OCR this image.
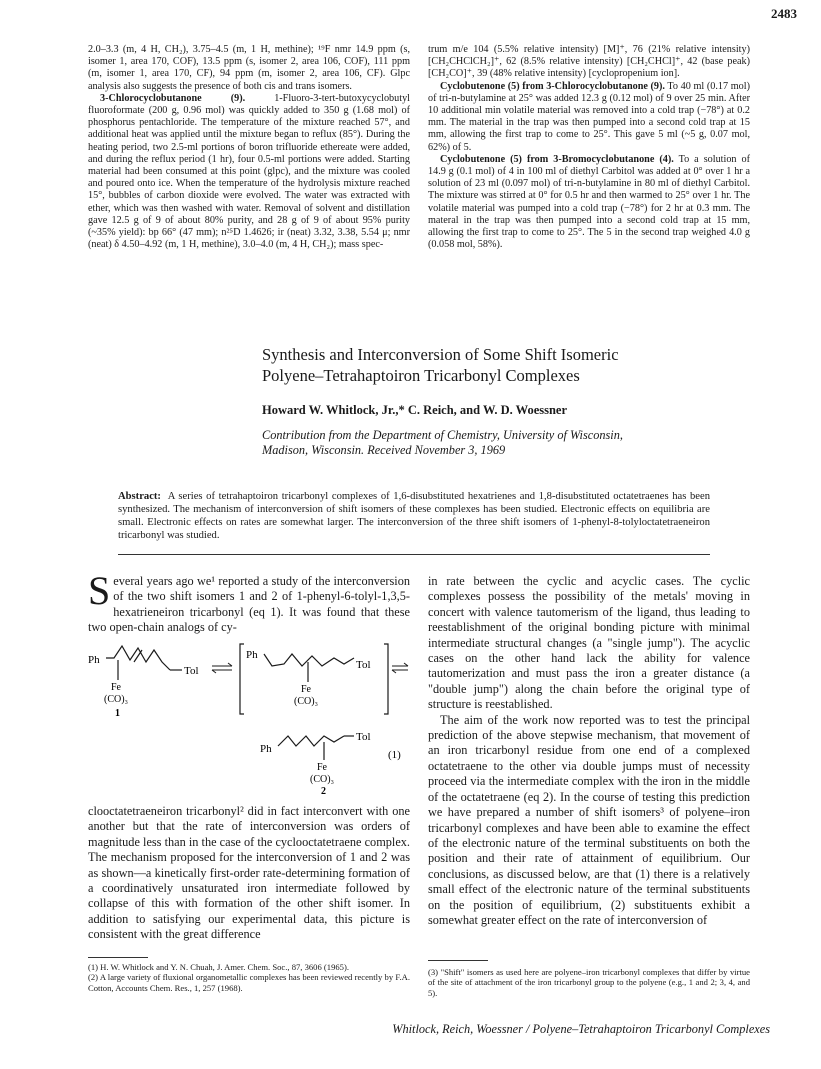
2483

2.0–3.3 (m, 4 H, CH₂), 3.75–4.5 (m, 1 H, methine); ¹⁹F nmr 14.9 ppm (s, isomer 1, area 170, COF), 13.5 ppm (s, isomer 2, area 106, COF), 111 ppm (m, isomer 1, area 170, CF), 94 ppm (m, isomer 2, area 106, CF). Glpc analysis also suggests the presence of both cis and trans isomers.

3-Chlorocyclobutanone (9).	1-Fluoro-3-tert-butoxycyclobutyl fluoroformate (200 g, 0.96 mol) was quickly added to 350 g (1.68 mol) of phosphorus pentachloride. The temperature of the mixture reached 57°, and additional heat was applied until the mixture began to reflux (85°). During the heating period, two 2.5-ml portions of boron trifluoride ethereate were added, and during the reflux period (1 hr), four 0.5-ml portions were added. Starting material had been consumed at this point (glpc), and the mixture was cooled and poured onto ice. When the temperature of the hydrolysis mixture reached 15°, bubbles of carbon dioxide were evolved. The water was extracted with ether, which was then washed with water. Removal of solvent and distillation gave 12.5 g of 9 of about 80% purity, and 28 g of 9 of about 95% purity (~35% yield): bp 66° (47 mm); n²⁵D 1.4626; ir (neat) 3.32, 3.38, 5.54 μ; nmr (neat) δ 4.50–4.92 (m, 1 H, methine), 3.0–4.0 (m, 4 H, CH₂); mass spec-

trum m/e 104 (5.5% relative intensity) [M]⁺, 76 (21% relative intensity) [CH₂CHClCH₂]⁺, 62 (8.5% relative intensity) [CH₂CHCl]⁺, 42 (base peak) [CH₂CO]⁺, 39 (48% relative intensity) [cyclopropenium ion].

Cyclobutenone (5) from 3-Chlorocyclobutanone (9). To 40 ml (0.17 mol) of tri-n-butylamine at 25° was added 12.3 g (0.12 mol) of 9 over 25 min. After 10 additional min volatile material was removed into a cold trap (−78°) at 0.2 mm. The material in the trap was then pumped into a second cold trap at 15 mm, allowing the first trap to come to 25°. This gave 5 ml (~5 g, 0.07 mol, 62%) of 5.

Cyclobutenone (5) from 3-Bromocyclobutanone (4). To a solution of 14.9 g (0.1 mol) of 4 in 100 ml of diethyl Carbitol was added at 0° over 1 hr a solution of 23 ml (0.097 mol) of tri-n-butylamine in 80 ml of diethyl Carbitol. The mixture was stirred at 0° for 0.5 hr and then warmed to 25° over 1 hr. The volatile material was pumped into a cold trap (−78°) for 2 hr at 0.3 mm. The materal in the trap was then pumped into a second cold trap at 15 mm, allowing the first trap to come to 25°. The 5 in the second trap weighed 4.0 g (0.058 mol, 58%).

Synthesis and Interconversion of Some Shift Isomeric
Polyene–Tetrahaptoiron Tricarbonyl Complexes
Howard W. Whitlock, Jr.,* C. Reich, and W. D. Woessner
Contribution from the Department of Chemistry, University of Wisconsin,
Madison, Wisconsin. Received November 3, 1969
Abstract: A series of tetrahaptoiron tricarbonyl complexes of 1,6-disubstituted hexatrienes and 1,8-disubstituted octatetraenes has been synthesized. The mechanism of interconversion of shift isomers of these complexes has been studied. Electronic effects on equilibria are small. Electronic effects on rates are somewhat larger. The interconversion of the three shift isomers of 1-phenyl-8-tolyloctatetraeneiron tricarbonyl was studied.
Several years ago we¹ reported a study of the interconversion of the two shift isomers 1 and 2 of 1-phenyl-6-tolyl-1,3,5-hexatrieneiron tricarbonyl (eq 1). It was found that these two open-chain analogs of cy-
Ph
Tol
Fe
(CO)₃
1
Ph
Tol
Fe
(CO)₃
Ph
Tol
Fe
(CO)₃
2
(1)
clooctatetraeneiron tricarbonyl² did in fact interconvert with one another but that the rate of interconversion was orders of magnitude less than in the case of the cyclooctatetraene complex. The mechanism proposed for the interconversion of 1 and 2 was as shown—a kinetically first-order rate-determining formation of a coordinatively unsaturated iron intermediate followed by collapse of this with formation of the other shift isomer. In addition to satisfying our experimental data, this picture is consistent with the great difference

(1) H. W. Whitlock and Y. N. Chuah, J. Amer. Chem. Soc., 87, 3606 (1965).

(2) A large variety of fluxional organometallic complexes has been reviewed recently by F.A. Cotton, Accounts Chem. Res., 1, 257 (1968).

in rate between the cyclic and acyclic cases. The cyclic complexes possess the possibility of the metals' moving in concert with valence tautomerism of the ligand, thus leading to reestablishment of the original bonding picture with minimal intermediate structural changes (a "single jump"). The acyclic cases on the other hand lack the ability for valence tautomerization and must pass the iron a greater distance (a "double jump") along the chain before the original type of structure is reestablished.

The aim of the work now reported was to test the principal prediction of the above stepwise mechanism, that movement of an iron tricarbonyl residue from one end of a complexed octatetraene to the other via double jumps must of necessity proceed via the intermediate complex with the iron in the middle of the octatetraene (eq 2). In the course of testing this prediction we have prepared a number of shift isomers³ of polyene–iron tricarbonyl complexes and have been able to examine the effect of the electronic nature of the terminal substituents on both the position and their rate of attainment of equilibrium. Our conclusions, as discussed below, are that (1) there is a relatively small effect of the electronic nature of the terminal substituents on the position of equilibrium, (2) substituents exhibit a somewhat greater effect on the rate of interconversion of

(3) "Shift" isomers as used here are polyene–iron tricarbonyl complexes that differ by virtue of the site of attachment of the iron tricarbonyl group to the polyene (e.g., 1 and 2; 3, 4, and 5).

Whitlock, Reich, Woessner / Polyene–Tetrahaptoiron Tricarbonyl Complexes
